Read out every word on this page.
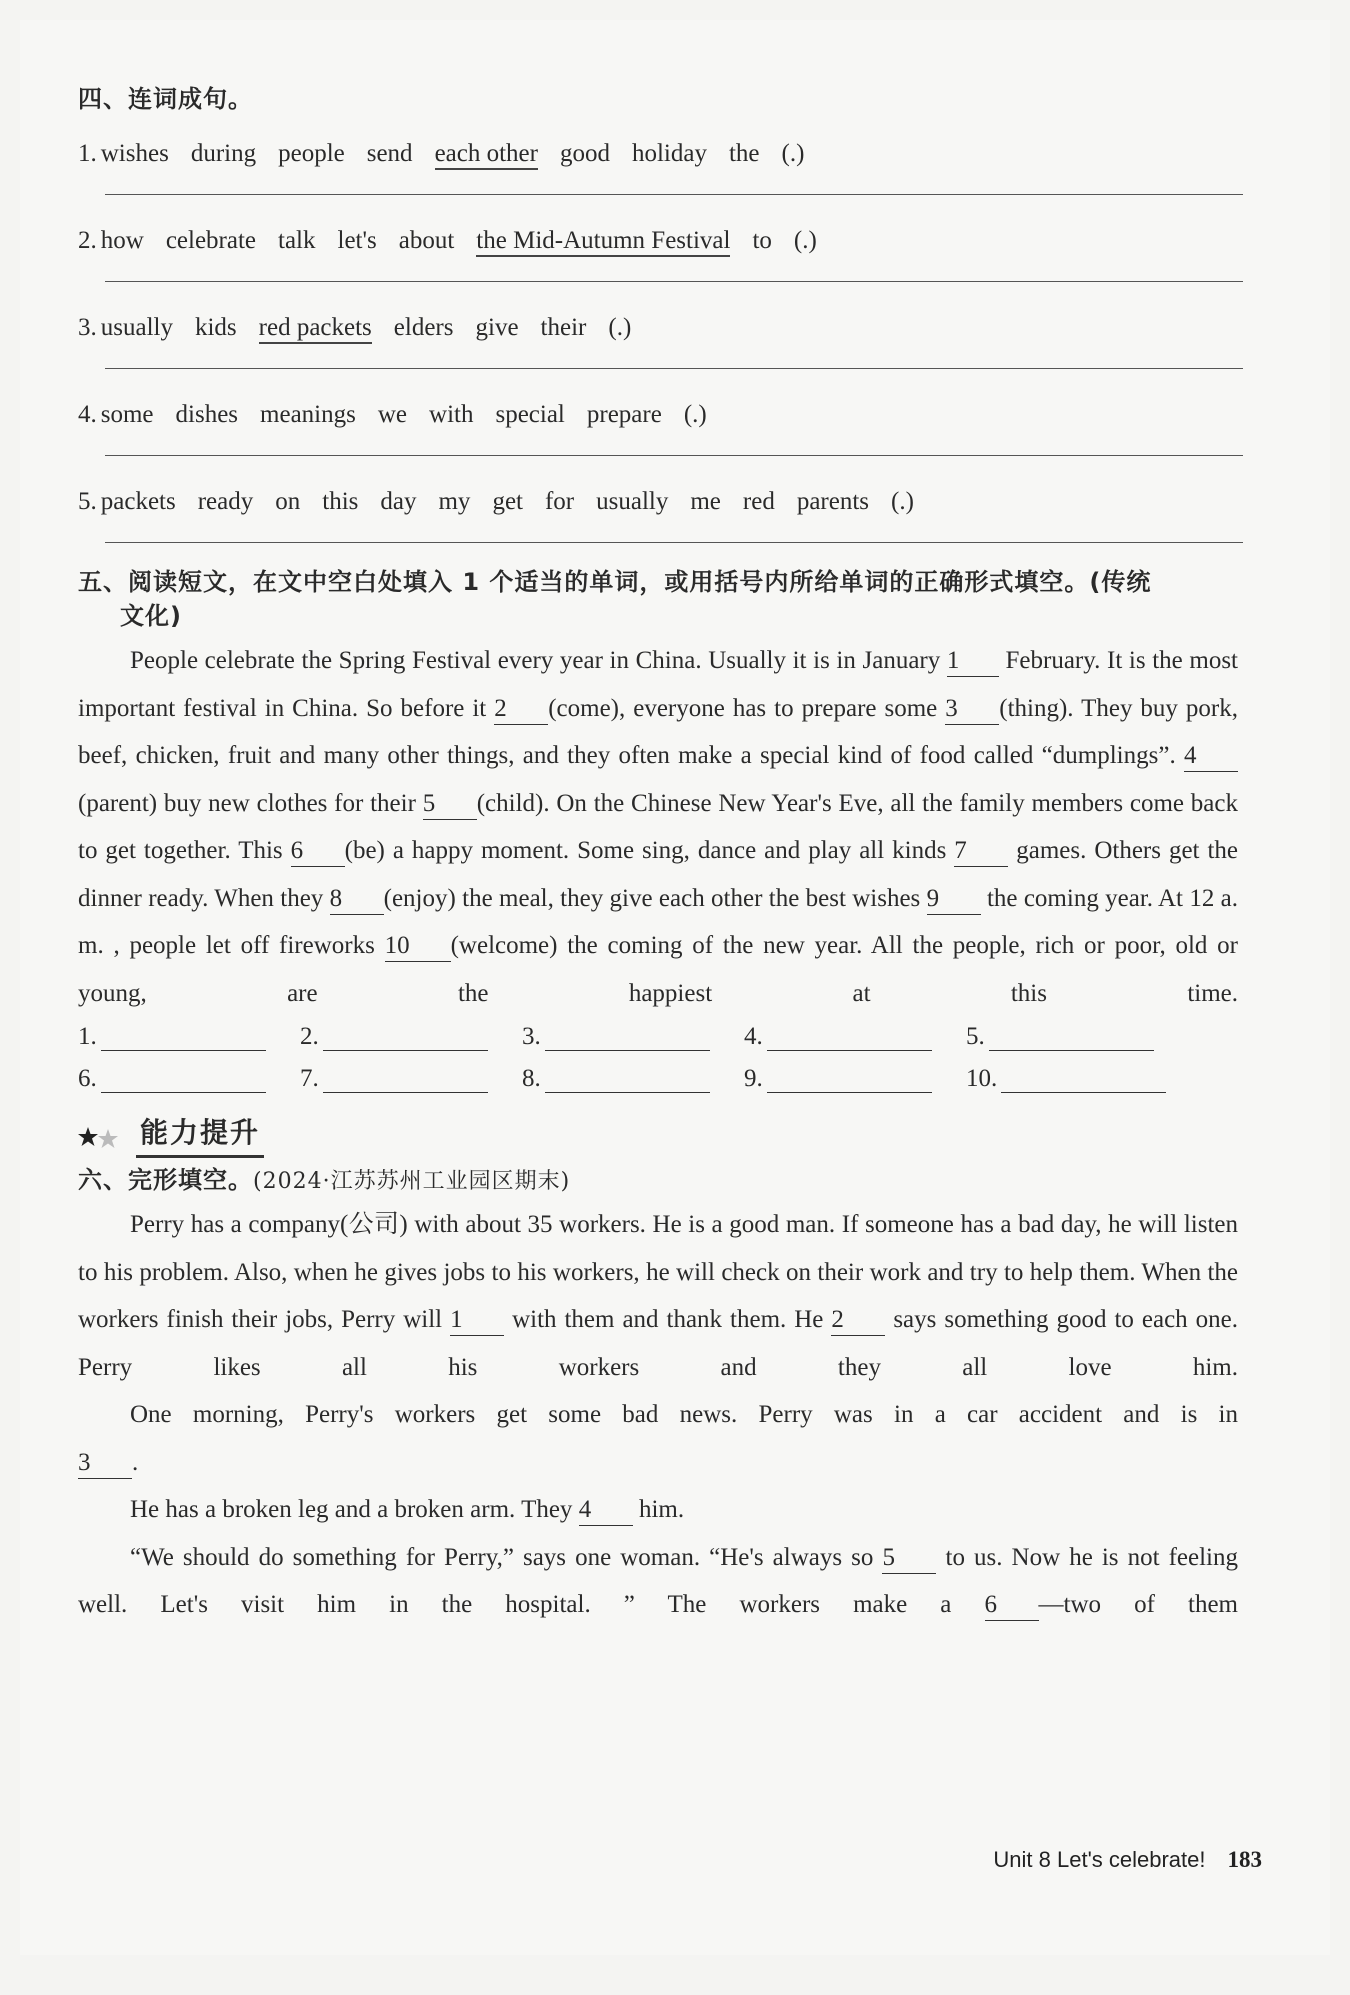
四、连词成句。
1. wishes during people send each other good holiday the (.)
2. how celebrate talk let's about the Mid-Autumn Festival to (.)
3. usually kids red packets elders give their (.)
4. some dishes meanings we with special prepare (.)
5. packets ready on this day my get for usually me red parents (.)
五、阅读短文，在文中空白处填入 1 个适当的单词，或用括号内所给单词的正确形式填空。(传统
文化)
People celebrate the Spring Festival every year in China. Usually it is in January 1 February. It is the most important festival in China. So before it 2 (come), everyone has to prepare some 3 (thing). They buy pork, beef, chicken, fruit and many other things, and they often make a special kind of food called “dumplings”. 4(parent) buy new clothes for their 5 (child). On the Chinese New Year's Eve, all the family members come back to get together. This 6 (be) a happy moment. Some sing, dance and play all kinds 7 games. Others get the dinner ready. When they 8 (enjoy) the meal, they give each other the best wishes 9 the coming year. At 12 a. m. , people let off fireworks 10 (welcome) the coming of the new year. All the people, rich or poor, old or young, are the happiest at this time.
1.	2.	3.	4.	5.
6.	7.	8.	9.	10.
能力提升
六、完形填空。(2024·江苏苏州工业园区期末)
Perry has a company(公司) with about 35 workers. He is a good man. If someone has a bad day, he will listen to his problem. Also, when he gives jobs to his workers, he will check on their work and try to help them. When the workers finish their jobs, Perry will 1 with them and thank them. He 2 says something good to each one. Perry likes all his workers and they all love him.
One morning, Perry's workers get some bad news. Perry was in a car accident and is in
3 .
He has a broken leg and a broken arm. They 4 him.
“We should do something for Perry,” says one woman. “He's always so 5 to us. Now he is not feeling well. Let's visit him in the hospital. ” The workers make a 6 —two of them
Unit 8 Let's celebrate! 183
